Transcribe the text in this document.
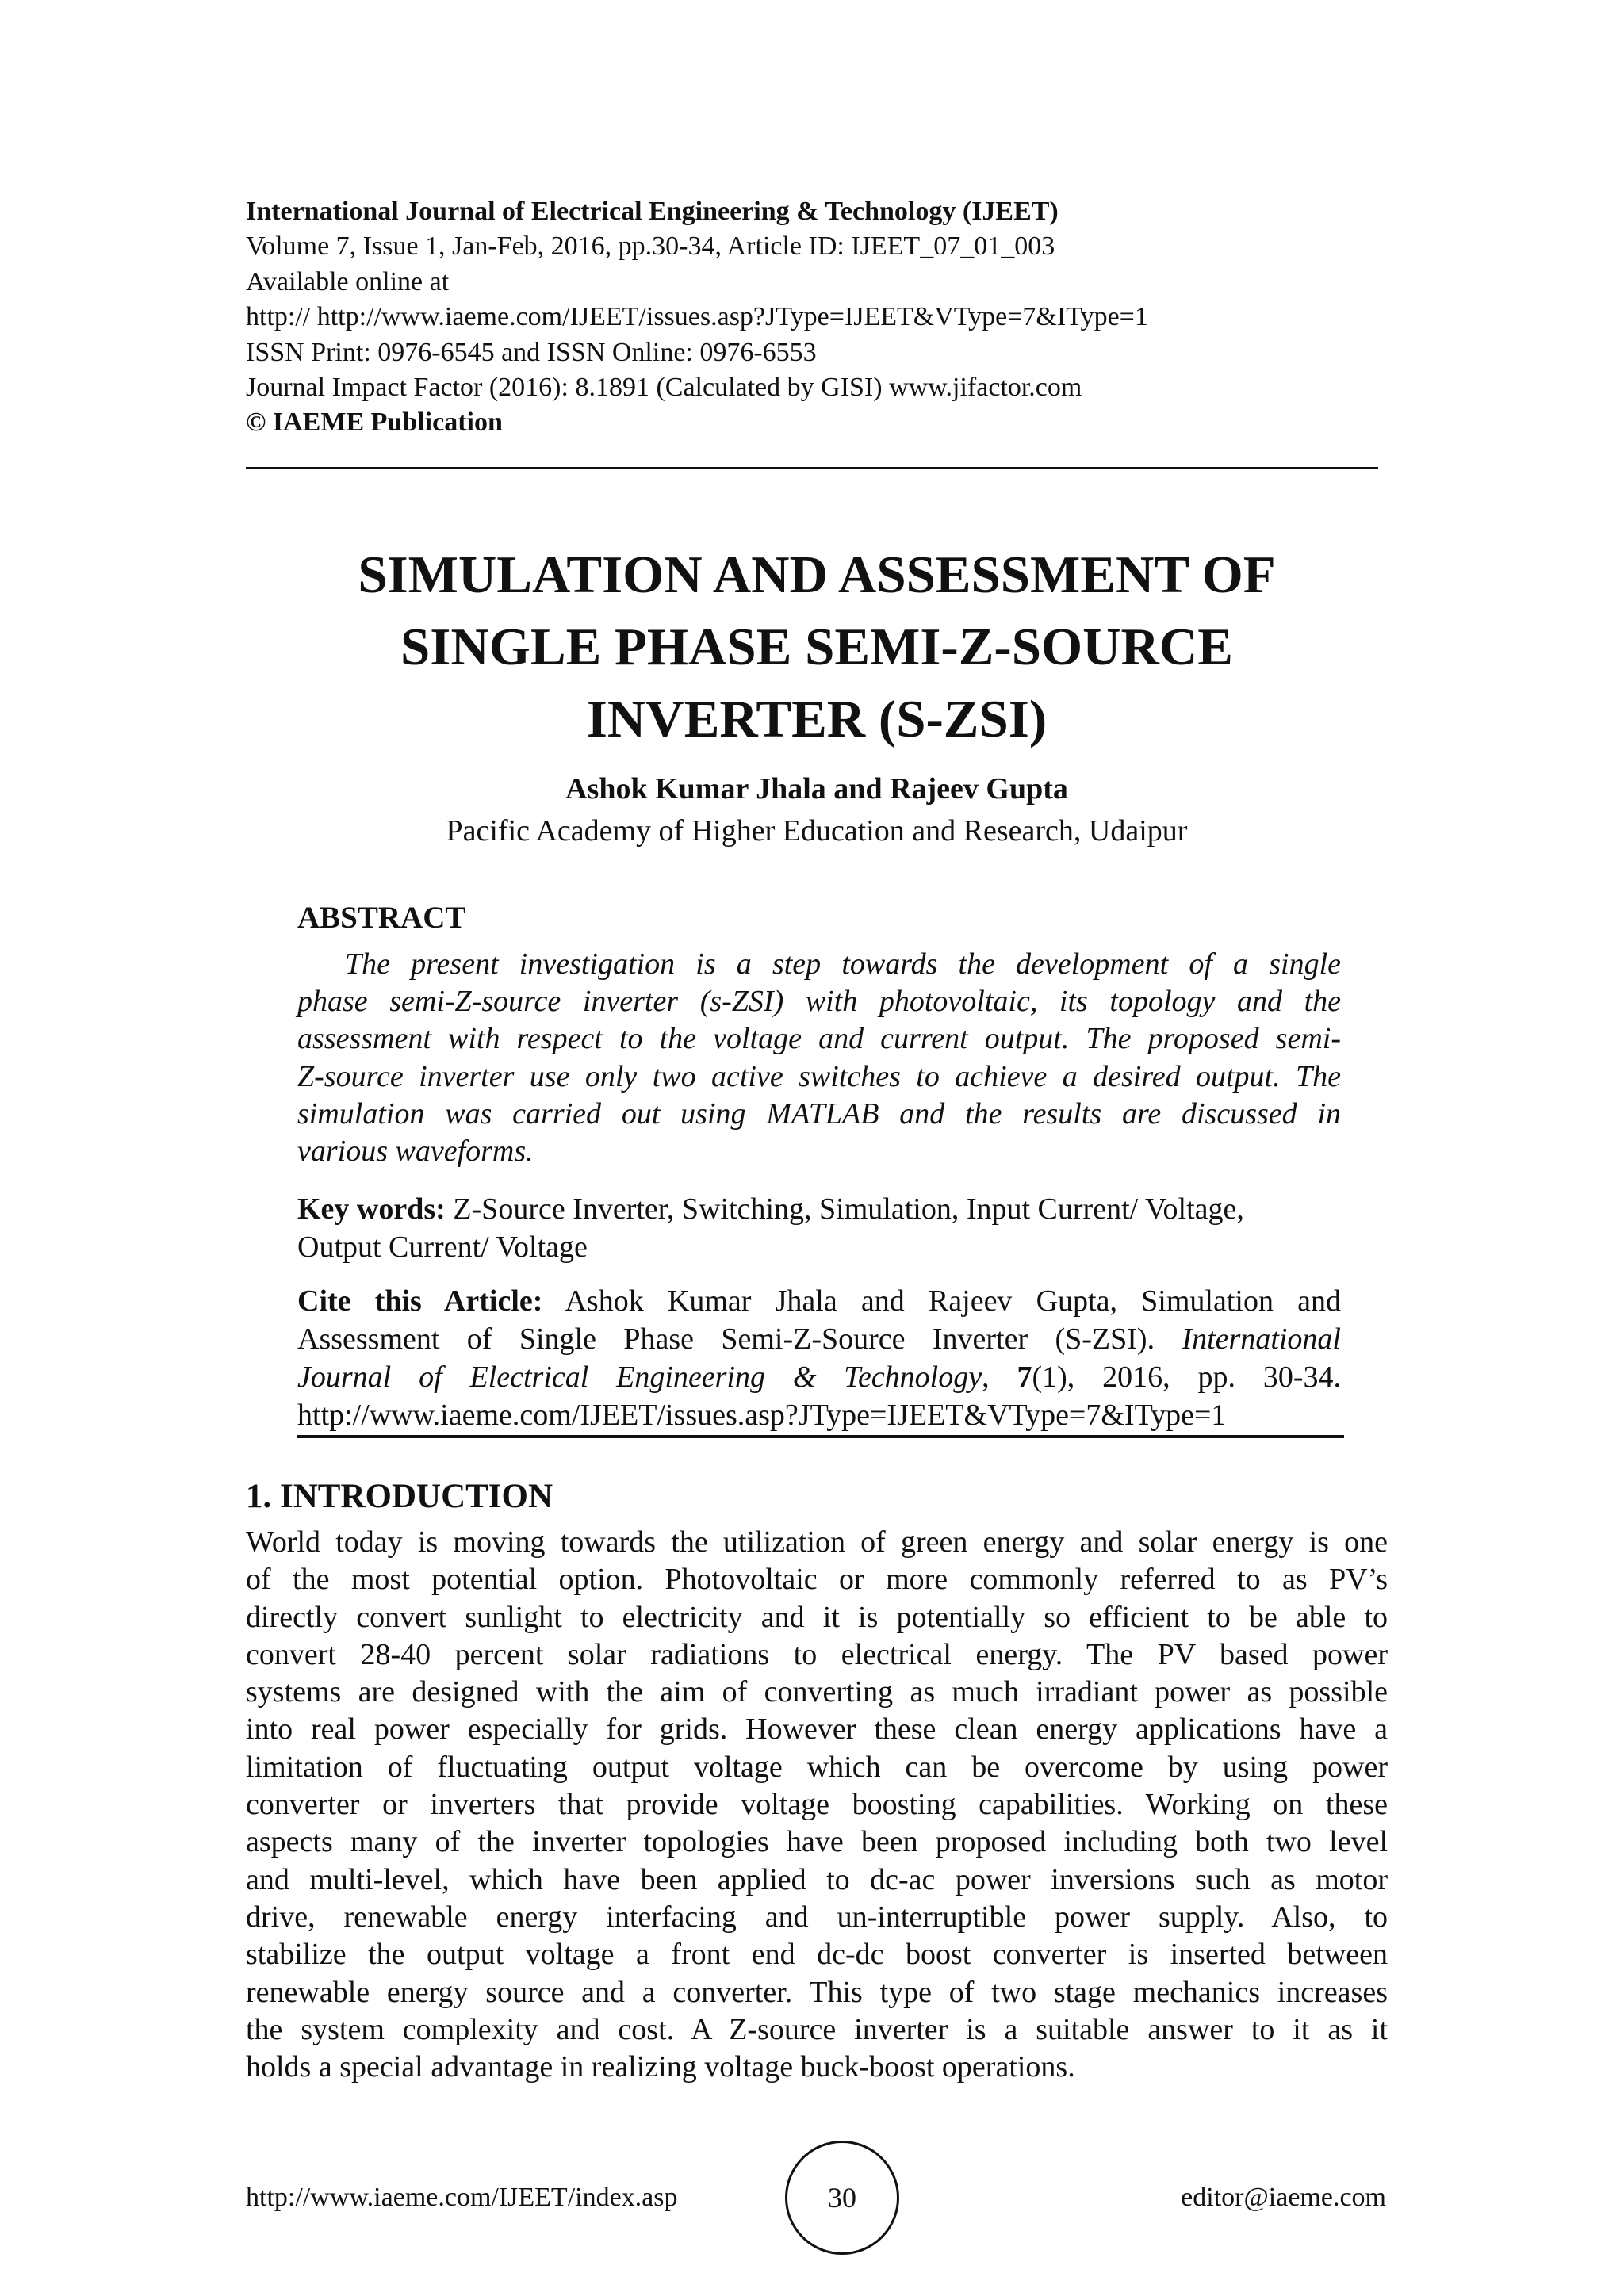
International Journal of Electrical Engineering & Technology (IJEET)
Volume 7, Issue 1, Jan-Feb, 2016, pp.30-34, Article ID: IJEET_07_01_003
Available online at
http:// http://www.iaeme.com/IJEET/issues.asp?JType=IJEET&VType=7&IType=1
ISSN Print: 0976-6545 and ISSN Online: 0976-6553
Journal Impact Factor (2016): 8.1891 (Calculated by GISI) www.jifactor.com
© IAEME Publication
SIMULATION AND ASSESSMENT OF
SINGLE PHASE SEMI-Z-SOURCE
INVERTER (S-ZSI)
Ashok Kumar Jhala and Rajeev Gupta
Pacific Academy of Higher Education and Research, Udaipur
ABSTRACT
The present investigation is a step towards the development of a single
phase semi-Z-source inverter (s-ZSI) with photovoltaic, its topology and the
assessment with respect to the voltage and current output. The proposed semi-
Z-source inverter use only two active switches to achieve a desired output. The
simulation was carried out using MATLAB and the results are discussed in
various waveforms.
Key words: Z-Source Inverter, Switching, Simulation, Input Current/ Voltage,
Output Current/ Voltage
Cite this Article: Ashok Kumar Jhala and Rajeev Gupta, Simulation and
Assessment of Single Phase Semi-Z-Source Inverter (S-ZSI). International
Journal of Electrical Engineering & Technology, 7(1), 2016, pp. 30-34.
http://www.iaeme.com/IJEET/issues.asp?JType=IJEET&VType=7&IType=1
1. INTRODUCTION
World today is moving towards the utilization of green energy and solar energy is one
of the most potential option. Photovoltaic or more commonly referred to as PV’s
directly convert sunlight to electricity and it is potentially so efficient to be able to
convert 28-40 percent solar radiations to electrical energy. The PV based power
systems are designed with the aim of converting as much irradiant power as possible
into real power especially for grids. However these clean energy applications have a
limitation of fluctuating output voltage which can be overcome by using power
converter or inverters that provide voltage boosting capabilities. Working on these
aspects many of the inverter topologies have been proposed including both two level
and multi-level, which have been applied to dc-ac power inversions such as motor
drive, renewable energy interfacing and un-interruptible power supply. Also, to
stabilize the output voltage a front end dc-dc boost converter is inserted between
renewable energy source and a converter. This type of two stage mechanics increases
the system complexity and cost. A Z-source inverter is a suitable answer to it as it
holds a special advantage in realizing voltage buck-boost operations.
http://www.iaeme.com/IJEET/index.asp	30	editor@iaeme.com
